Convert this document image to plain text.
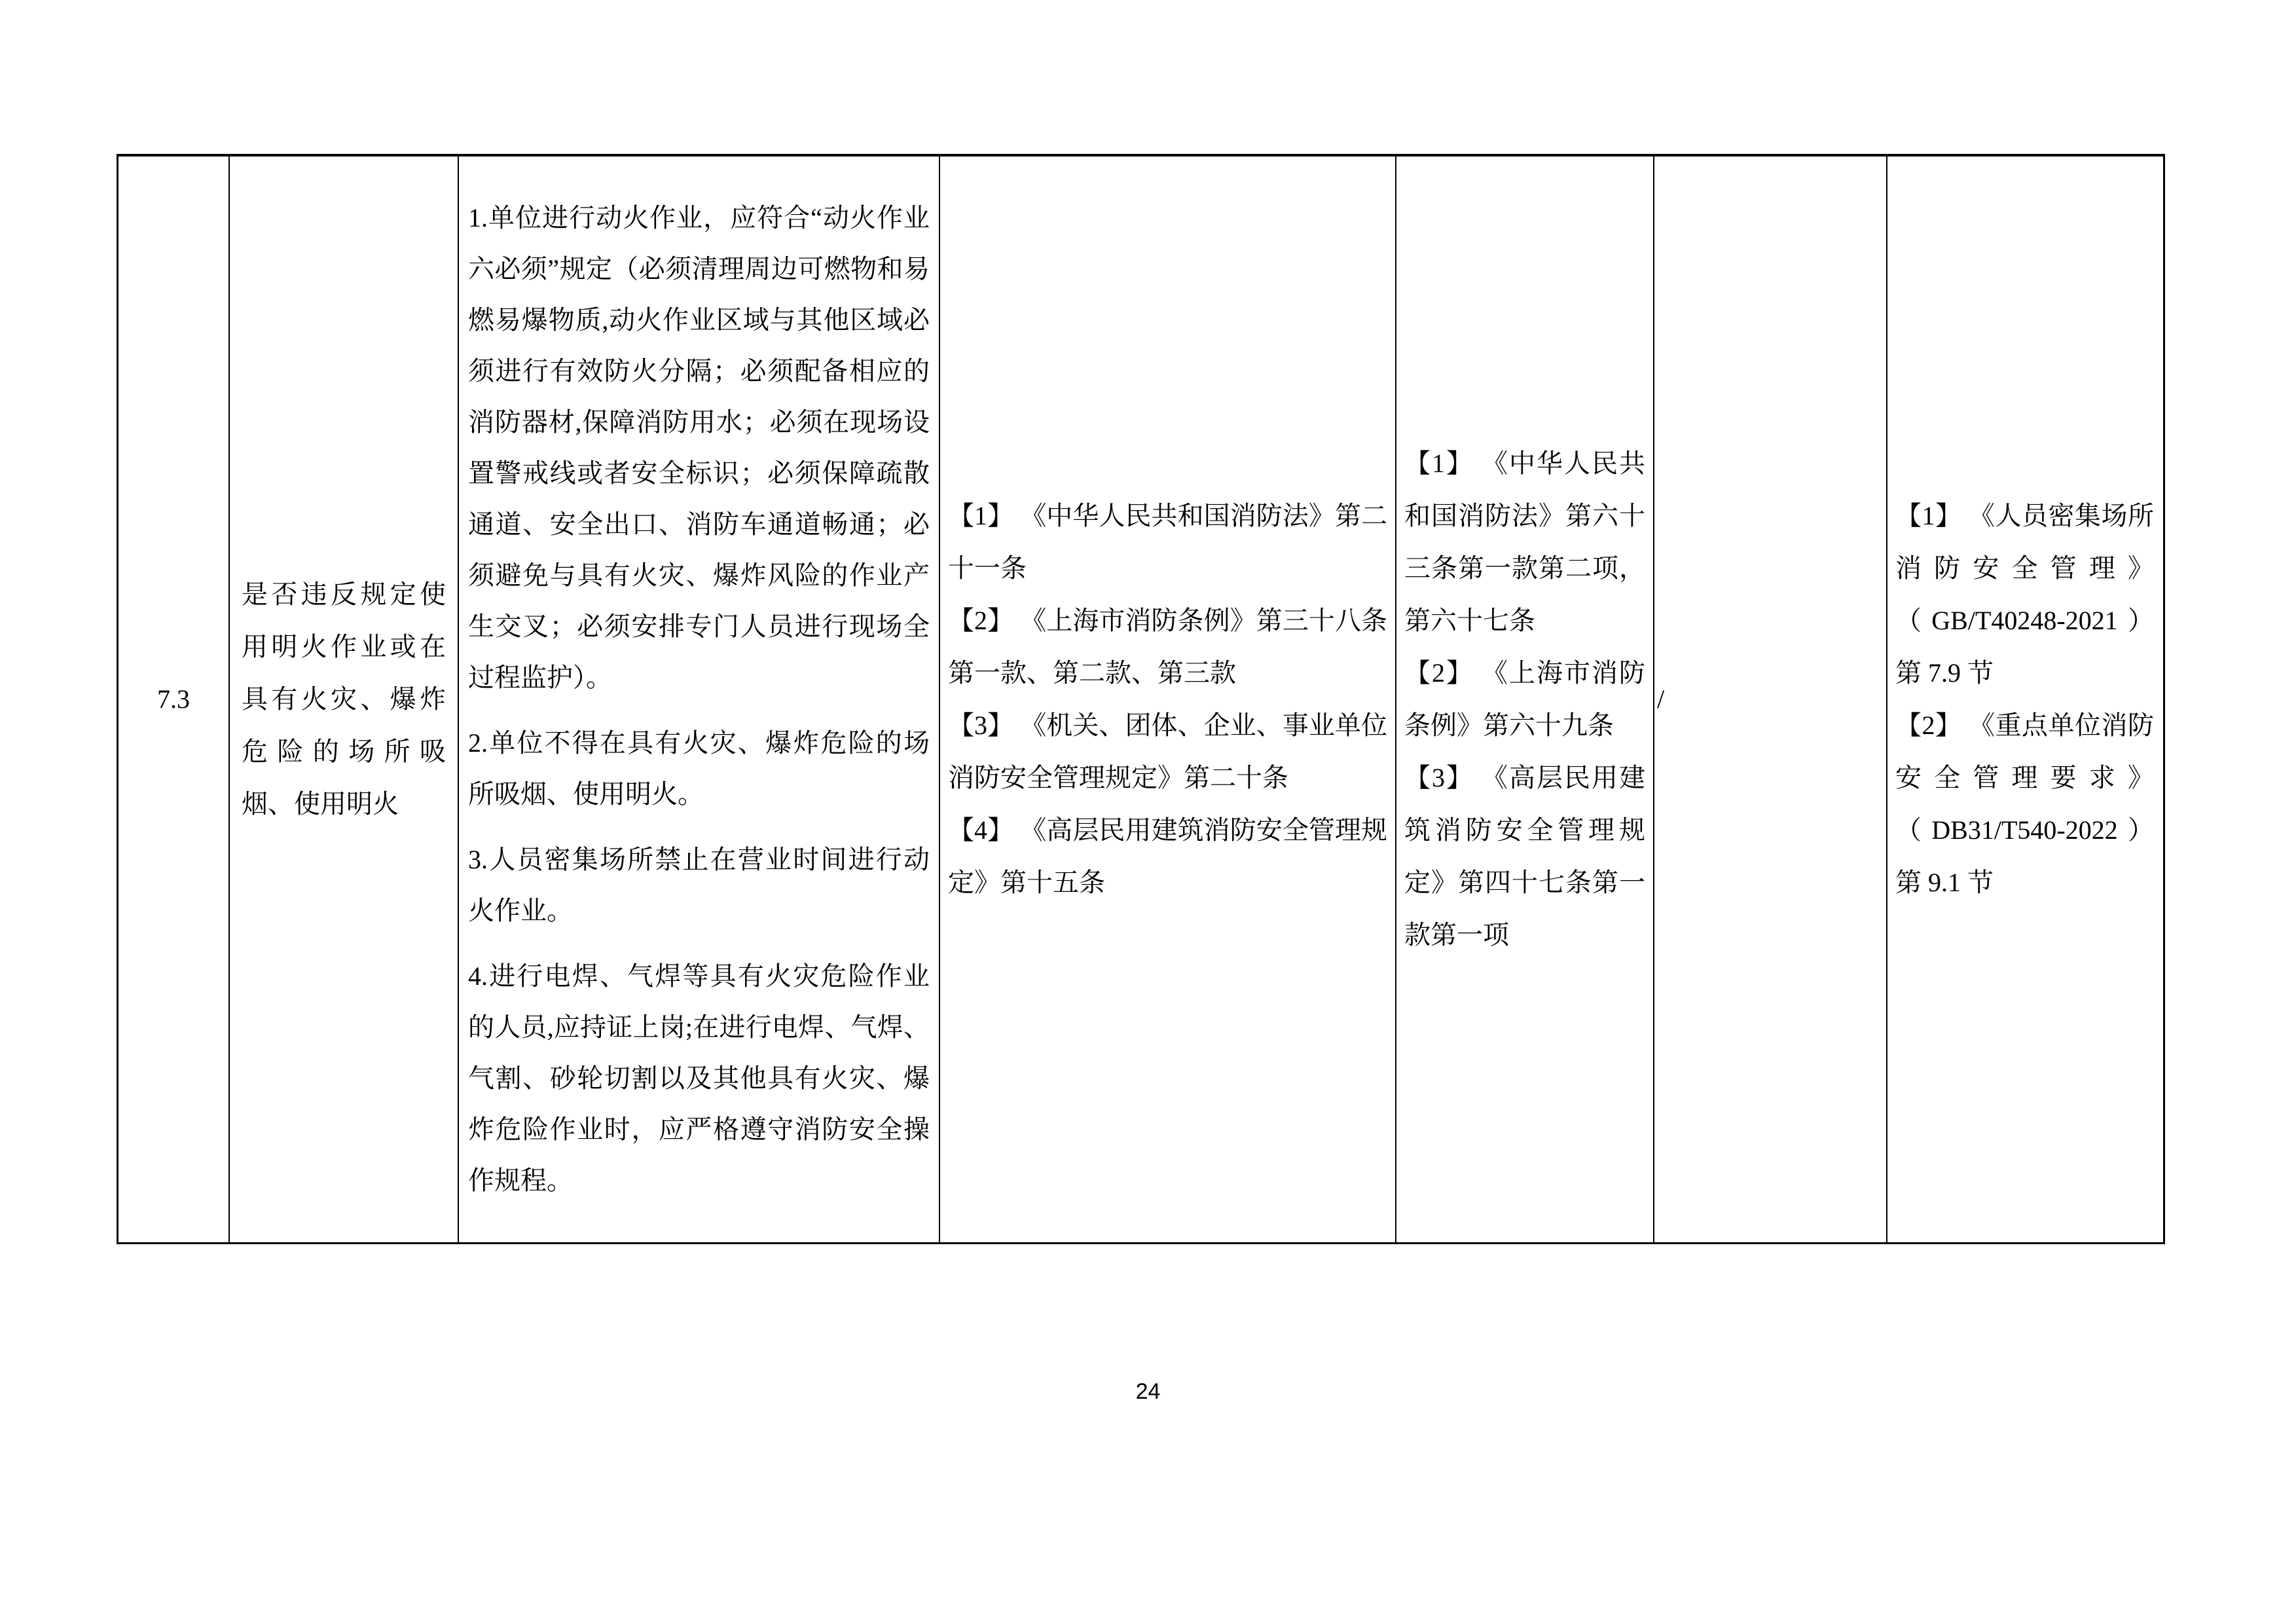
7.3

是否违反规定使用明火作业或在具有火灾、爆炸危险的场所吸烟、使用明火

1.单位进行动火作业，应符合“动火作业六必须”规定（必须清理周边可燃物和易燃易爆物质,动火作业区域与其他区域必须进行有效防火分隔；必须配备相应的消防器材,保障消防用水；必须在现场设置警戒线或者安全标识；必须保障疏散通道、安全出口、消防车通道畅通；必须避免与具有火灾、爆炸风险的作业产生交叉；必须安排专门人员进行现场全过程监护）。

2.单位不得在具有火灾、爆炸危险的场所吸烟、使用明火。

3.人员密集场所禁止在营业时间进行动火作业。

4.进行电焊、气焊等具有火灾危险作业的人员,应持证上岗;在进行电焊、气焊、气割、砂轮切割以及其他具有火灾、爆炸危险作业时，应严格遵守消防安全操作规程。

【1】 《中华人民共和国消防法》第二十一条

【2】 《上海市消防条例》第三十八条第一款、第二款、第三款

【3】 《机关、团体、企业、事业单位消防安全管理规定》第二十条

【4】 《高层民用建筑消防安全管理规定》第十五条

【1】 《中华人民共和国消防法》第六十三条第一款第二项，第六十七条

【2】 《上海市消防条例》第六十九条

【3】 《高层民用建筑消防安全管理规定》第四十七条第一款第一项

/

【1】 《人员密集场所消防安全管理》（GB/T40248-2021）第 7.9 节

【2】 《重点单位消防安全管理要求》（DB31/T540-2022）第 9.1 节

24
